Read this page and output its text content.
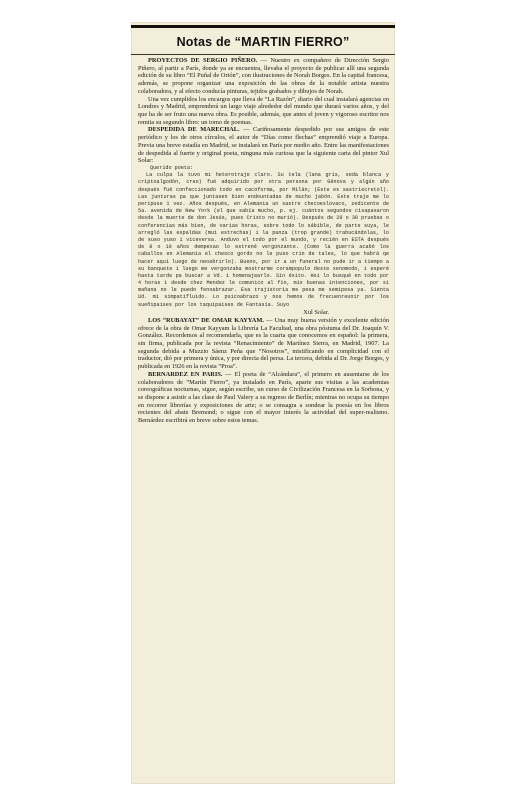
Notas de “MARTIN FIERRO”

PROYECTOS DE SERGIO PIÑERO. — Nuestro ex compañero de Dirección Sergio Piñero, al partir a París, donde ya se encuentra, llevaba el proyecto de publicar allí una segunda edición de su libro “El Puñal de Orión”, con ilustraciones de Norah Borges. En la capital francesa, además, se propone organizar una exposición de las obras de la notable artista nuestra colaboradora, y al efecto conducía pinturas, tejidos grabados y dibujos de Norah.

Una vez cumplidos los encargos que lleva de “La Razón”, diario del cual instalará agencias en Londres y Madrid, emprenderá un largo viaje alrededor del mundo que durará varios años, y del que ha de ser fruto una nueva obra. Es posible, además, que antes el joven y vigoroso escritor nos remita su segundo libro: un tomo de poemas.

DESPEDIDA DE MARECHAL. — Cariñosamente despedido por sus amigos de este periódico y los de otros círculos, el autor de “Días como flechas” emprendió viaje a Europa. Previa una breve estadía en Madrid, se instalará en París por medio año. Entre las manifestaciones de despedida al fuerte y original poeta, ninguna más curiosa que la siguiente carta del pintor Xul Solar:

Querido poeta:

La culpa la tuvo mi heterotraje claro. Su tela (lana gris, seda blanca y criptoalgodón, creo) fué adquirido por otra persona por Génova y algún año después fué confeccionado todo en cacoforma, por Milán; (Este es sastriecretol). Las junturas pa que juntasen bien endountadas de mucho jabón. Este traje me lo peripuse 1 vez. Años después, en Alemania un sastre checoeslovaco, zedicente de 5a. avenida de New York (el que sabía mucho, p. ej. cuántos segundos cisapasaron desde la muerte de don Jesús, pues Cristo no murió). Después de 20 o 30 pruebas o conferencias más bien, de varias horas, sobre todo lo sábible, de parte suya, le arregló las espaldas (mui estrechas) i la panza (trop grande) trabucándolas, lo de suso yuso i viceversa. Anduvo el todo por el mundo, y recién en ESTA después de 8 o 10 años dempexao lo estrené vergonzante. (Como la guerra acabó los caballos en Alemania el chesco gordo no le puso crin de tales, lo que habrá qe hacer aquí luego de neoabrirlo). Bueno, por ir a un funeral no pude ir a tiempo a su banquete i luego me vergonzaba mostrarme corampopulo deste xenomodo, i esperé hasta tarde pa buscar a Vd. i homenajearlo. Sin éxito. Hoi lo busqué en todo por 4 horas i desde chez Mendez le comunico al fin, mis buenas intenciones, por si mañana no le puedo fenoabrazar. Esa trajistoria me pesa me semipesa ya. Sienta Ud. mi simpatifluido. Lo psicoabrazo y nos hemos de frecuenreunir por los sueñipaises por los taquipaises de Fantasía. Suyo

Xul Solar.

LOS “RUBAYAT” DE OMAR KAYYAM. — Una muy buena versión y excelente edición ofrece de la obra de Omar Kayyam la Librería La Facultad, una obra póstuma del Dr. Joaquín V. González. Recordemos al recomendarla, que es la cuarta que conocemos en español: la primera, sin firma, publicada por la revista “Renacimiento” de Martínez Sierra, en Madrid, 1907. La segunda debida a Muzzio Sáenz Peña que “Nosotros”, mistificando en complicidad con el traductor, dió por primera y única, y por directa del persa. La tercera, debida al Dr. Jorge Borges, y publicada en 1926 en la revista “Proa”.

BERNARDEZ EN PARIS. — El poeta de “Alcándara”, el primero en ausentarse de los colaboradores de “Martín Fierro”, ya instalado en París, aparte sus visitas a las academias coreográficas nocturnas, sigue, según escribe, un curso de Civilización Francesa en la Sorbona, y se dispone a asistir a las clase de Paul Valery a su regreso de Berlín; mientras no ocupa su tiempo en recorrer librerías y exposiciones de arte; o se consagra a sondear la poesía en los libros recientes del abate Bremond; o sigue con el mayor interés la actividad del super-realismo. Bernárdez escribirá en breve sobre estos temas.
